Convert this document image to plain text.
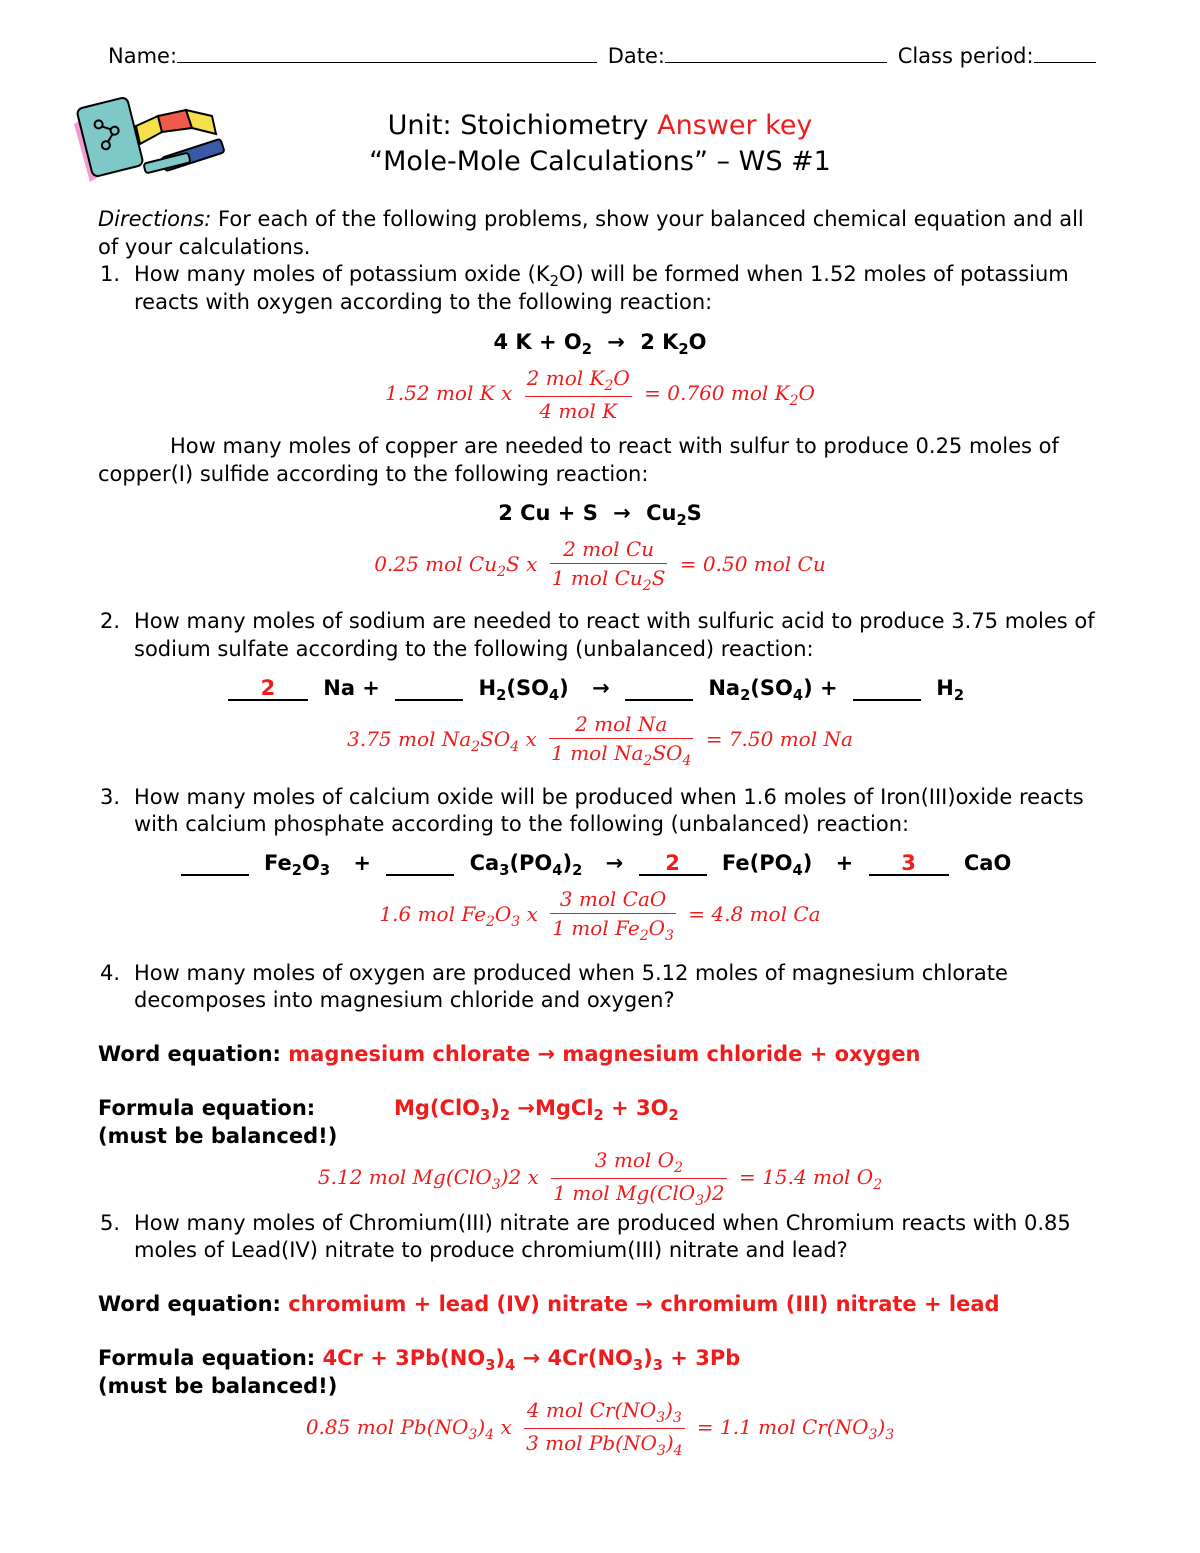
Name:	Date:	Class period:
Unit: Stoichiometry Answer key
“Mole-Mole Calculations” – WS #1
Directions: For each of the following problems, show your balanced chemical equation and all
of your calculations.
1. How many moles of potassium oxide $(K_2O)$ will be formed when 1.52 moles of potassium
reacts with oxygen according to the following reaction:
4 $K + O_2 \to 2$ $K_2O$
1.52 mol K x $\frac{2 mol K_2O}{\text{4 mol K}} = 0.760$ mol $K_2O$
How many moles of copper are needed to react with sulfur to produce 0.25 moles of
copper(I) sulfide according to the following reaction:
2 $Cu + S \to Cu_2S$
0.25 mol $Cu_2S$ x $\frac{\text{2 mol Cu}}{1 mol Cu_2S} = 0.50$ mol Cu
2. How many moles of sodium are needed to react with sulfuric acid to produce 3.75 moles of
sodium sulfate according to the following (unbalanced) reaction:
2 Na +	$H_2(SO_4)$ →	$Na_2(SO_4)$ +	$H_2$
3.75 mol $Na_2SO_4$ x $\frac{\text{2 mol Na}}{1 mol Na_2SO_4} = 7.50$ mol Na
3. How many moles of calcium oxide will be produced when 1.6 moles of Iron(III)oxide reacts
with calcium phosphate according to the following (unbalanced) reaction:
$Fe_2O_3$ +	$Ca_3(PO_4)_2 \to 2$ $Fe(PO_4) + 3$ CaO
1.6 mol $Fe_2O_3$ x $\frac{\text{3 mol CaO}}{1 mol Fe_2O_3} = 4.8$ mol Ca
4. How many moles of oxygen are produced when 5.12 moles of magnesium chlorate
decomposes into magnesium chloride and oxygen?
Word equation: magnesium chlorate → magnesium chloride + oxygen
Formula equation:	$Mg(ClO_3)_2$ →MgCl$_2$ + $3O_2$
(must be balanced!)
5.12 mol Mg(ClO$_3$)2 x $\frac{3 mol O_2}{1 mol Mg(ClO_3)2} = 15.4$ mol $O_2$
5. How many moles of Chromium(III) nitrate are produced when Chromium reacts with 0.85
moles of Lead(IV) nitrate to produce chromium(III) nitrate and lead?
Word equation: chromium + lead (IV) nitrate → chromium (III) nitrate + lead
Formula equation: $4Cr + 3Pb(NO_3)_4 \to 4Cr(NO_3)_3 + 3Pb$
(must be balanced!)
0.85 mol $Pb(NO_3)_4$ x $\frac{4 mol Cr(NO_3)_3}{3 mol Pb(NO_3)_4} = 1.1$ mol $Cr(NO_3)_3$
